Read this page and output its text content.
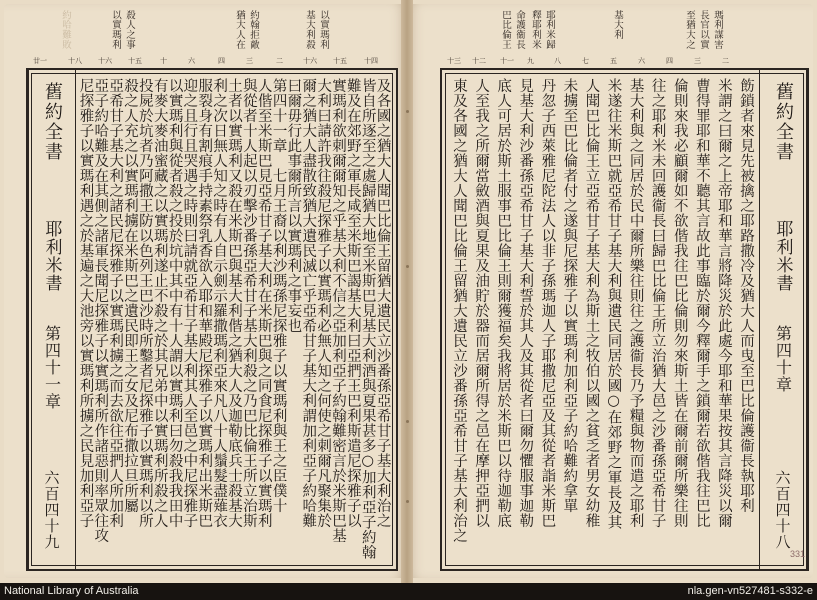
以實瑪利 殺人之事	猶大人在 約翰拒敵	基大利殺 以實瑪利
約哈難敗	巴比倫王 命護衞長 釋耶利米 耶利米歸	基大利	至猶大之 長官以實 瑪利謀害
廿一	十八 十六 十五	十	六	四	三	二	十六 十五 十四
及各國之猶大人聞巴比倫王留猶大遺民立沙番孫亞希甘子基大利治之
皆自所逐至之處歸猶大地至米斯巴見基大利酒與夏果甚多○加利亞子約翰
難及在郊野之軍長咸至米斯巴謁基大利曰亞捫王巴利斯遣尼探雅子以
實瑪利欲刺爾爾知之乎基大利不信之亞加利亞子約翰難密言於米斯巴基
大利曰請許我往殺尼探雅子以實瑪利必無人知之何使之刺爾凡聚集於
爾之猶大人盡散致猶大遺民滅亡乎亞希甘子基大利謂加利亞子約哈難
曰爾毋行此事爾所言以實瑪利之事妄也
第四十一章　七月王裔以利沙瑪孫尼探雅子以實瑪利與王之臣僕十
人偕至米斯巴見亞希甘子基大利在米斯巴與之同食尼探雅子以實瑪利
與從者十人起以刃擊沙番孫亞希甘子基大利殺之乃巴比倫王所立治斯
土者以實瑪利又殺在米斯巴與基大利偕之猶大人及迦勒底兵士殺基大
利之次日無人知之時有人自示劍示羅撒瑪利亞來凡八十人鬚髮盡薙衣
服裂身有割痕手持素祭乳香欲入耶和華殿尼探雅子以實瑪利出米斯巴
迎之且行且哭遇之時則曰請就亞希甘子基大利其人至邑之中尼探雅子
以實瑪利與從者殺之投於坑中其中有十人謂以實瑪利曰勿殺我我田中
有麥大麥油蜜藏之以實瑪利遂止不殺之於其兄弟中以實瑪利所殺之人
投屍於坑者乃阿撒王防以色列王巴沙時所鑿者尼探雅子以實瑪利以所
殺之人充之以實瑪利擄在米斯巴之遺民即王之女及尼布撒拉旦所屬
亞希甘子基大利之諸民尼探雅子以實瑪利擄之而去欲往亞捫人所加利
亞子約哈難及在其側之諸軍長聞尼探雅子以實瑪利所作諸惡則率眾往攻
尼探雅子以實瑪利遇之於基遍之大池旁以實瑪利所擄之民見加利亞子
舊約全書
耶利米書
第四十一章
六百四十九
十三 十二 十一 九	八	七	五	六	四	三	二
飭鎖者來見先被擒之耶路撒冷及猶大人而曳至巴比倫護衞長執耶利
米謂之曰爾之上帝耶和華言將降災於此處今耶和華果按其言降災以爾
曹得罪耶和華不聽其言故此事臨於爾今釋爾手之鎖爾若欲偕我往巴比
倫則來我必顧爾如不欲偕我往巴比倫則勿來斯土皆在爾前爾所樂往則
往之耶利米未回護衞長曰歸巴比倫王所立治猶大邑之沙番孫亞希甘子
基大利與之同居於民中爾所樂往則往之護衞長乃予糧與物而遣之耶利
米遂往米斯巴就亞希甘子基大利與遺民同居於國○在郊野之軍長及其
人聞巴比倫王立亞希甘子基大利為斯土之牧伯以國之貧乏者男女幼稚
未擄至巴比倫者付之遂與尼探雅子以實瑪利加利亞子約哈難約拿單
丹忽子西萊雅尼陀法人以非子孫瑪迦人子耶撒尼亞及其從者詣米斯巴
見基大利沙番孫亞希甘子基大利誓於其人及其從者曰爾勿懼服事迦勒
底人可居於斯土服事巴比倫王則爾獲福矣我將居於米斯巴以待迦勒底
人至我之所爾當斂酒與夏果及油貯於器而居爾所得之邑在摩押亞捫以
東及各國之猶大人聞巴比倫王留猶大遺民立沙番孫亞希甘子基大利治之	舊約全書
耶利米書
第四十章
六百四十八
331
National Library of Australia	nla.gen-vn527481-s332-e
